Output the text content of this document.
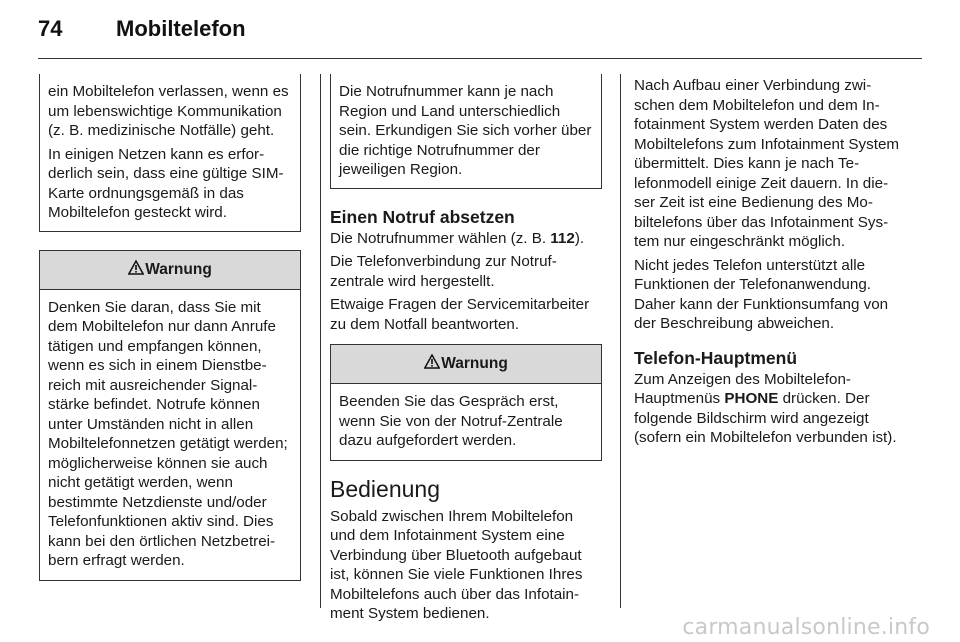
74 Mobiltelefon

ein Mobiltelefon verlassen, wenn es um lebenswichtige Kommunikation (z. B. medizinische Notfälle) geht.

In einigen Netzen kann es erforderlich sein, dass eine gültige SIM-Karte ordnungsgemäß in das Mobiltelefon gesteckt wird.

Warnung
Denken Sie daran, dass Sie mit dem Mobiltelefon nur dann Anrufe tätigen und empfangen können, wenn es sich in einem Dienstbereich mit ausreichender Signalstärke befindet. Notrufe können unter Umständen nicht in allen Mobiltelefonnetzen getätigt werden; möglicherweise können sie auch nicht getätigt werden, wenn bestimmte Netzdienste und/oder Telefonfunktionen aktiv sind. Dies kann bei den örtlichen Netzbetreibern erfragt werden.
Die Notrufnummer kann je nach Region und Land unterschiedlich sein. Erkundigen Sie sich vorher über die richtige Notrufnummer der jeweiligen Region.
Einen Notruf absetzen

Die Notrufnummer wählen (z. B. 112).

Die Telefonverbindung zur Notrufzentrale wird hergestellt.

Etwaige Fragen der Servicemitarbeiter zu dem Notfall beantworten.

Warnung
Beenden Sie das Gespräch erst, wenn Sie von der Notruf-Zentrale dazu aufgefordert werden.
Bedienung

Sobald zwischen Ihrem Mobiltelefon und dem Infotainment System eine Verbindung über Bluetooth aufgebaut ist, können Sie viele Funktionen Ihres Mobiltelefons auch über das Infotainment System bedienen.

Nach Aufbau einer Verbindung zwischen dem Mobiltelefon und dem Infotainment System werden Daten des Mobiltelefons zum Infotainment System übermittelt. Dies kann je nach Telefonmodell einige Zeit dauern. In dieser Zeit ist eine Bedienung des Mobiltelefons über das Infotainment System nur eingeschränkt möglich.

Nicht jedes Telefon unterstützt alle Funktionen der Telefonanwendung. Daher kann der Funktionsumfang von der Beschreibung abweichen.

Telefon-Hauptmenü

Zum Anzeigen des Mobiltelefon-Hauptmenüs PHONE drücken. Der folgende Bildschirm wird angezeigt (sofern ein Mobiltelefon verbunden ist).

carmanualsonline.info
